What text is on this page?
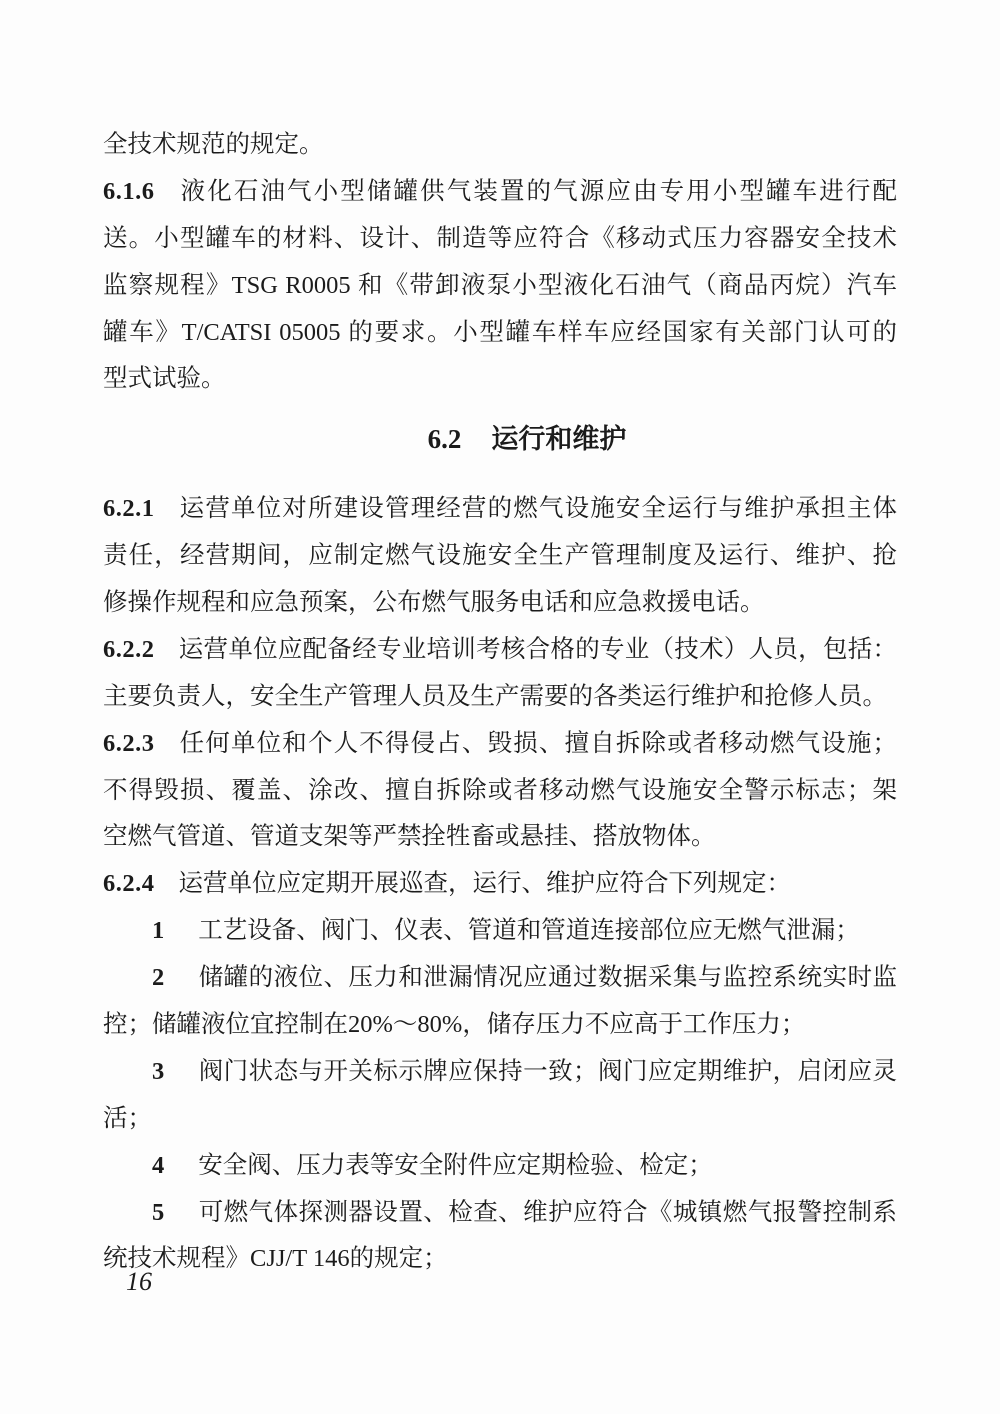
全技术规范的规定。
6.1.6 液化石油气小型储罐供气装置的气源应由专用小型罐车进行配
送。小型罐车的材料、设计、制造等应符合《移动式压力容器安全技术
监察规程》TSG R0005 和《带卸液泵小型液化石油气（商品丙烷）汽车
罐车》T/CATSI 05005 的要求。小型罐车样车应经国家有关部门认可的
型式试验。
6.2 运行和维护
6.2.1 运营单位对所建设管理经营的燃气设施安全运行与维护承担主体
责任，经营期间，应制定燃气设施安全生产管理制度及运行、维护、抢
修操作规程和应急预案，公布燃气服务电话和应急救援电话。
6.2.2 运营单位应配备经专业培训考核合格的专业（技术）人员，包括：
主要负责人，安全生产管理人员及生产需要的各类运行维护和抢修人员。
6.2.3 任何单位和个人不得侵占、毁损、擅自拆除或者移动燃气设施；
不得毁损、覆盖、涂改、擅自拆除或者移动燃气设施安全警示标志；架
空燃气管道、管道支架等严禁拴牲畜或悬挂、搭放物体。
6.2.4 运营单位应定期开展巡查，运行、维护应符合下列规定：
1 工艺设备、阀门、仪表、管道和管道连接部位应无燃气泄漏；
2 储罐的液位、压力和泄漏情况应通过数据采集与监控系统实时监
控；储罐液位宜控制在20%～80%，储存压力不应高于工作压力；
3 阀门状态与开关标示牌应保持一致；阀门应定期维护，启闭应灵
活；
4 安全阀、压力表等安全附件应定期检验、检定；
5 可燃气体探测器设置、检查、维护应符合《城镇燃气报警控制系
统技术规程》CJJ/T 146的规定；
16
